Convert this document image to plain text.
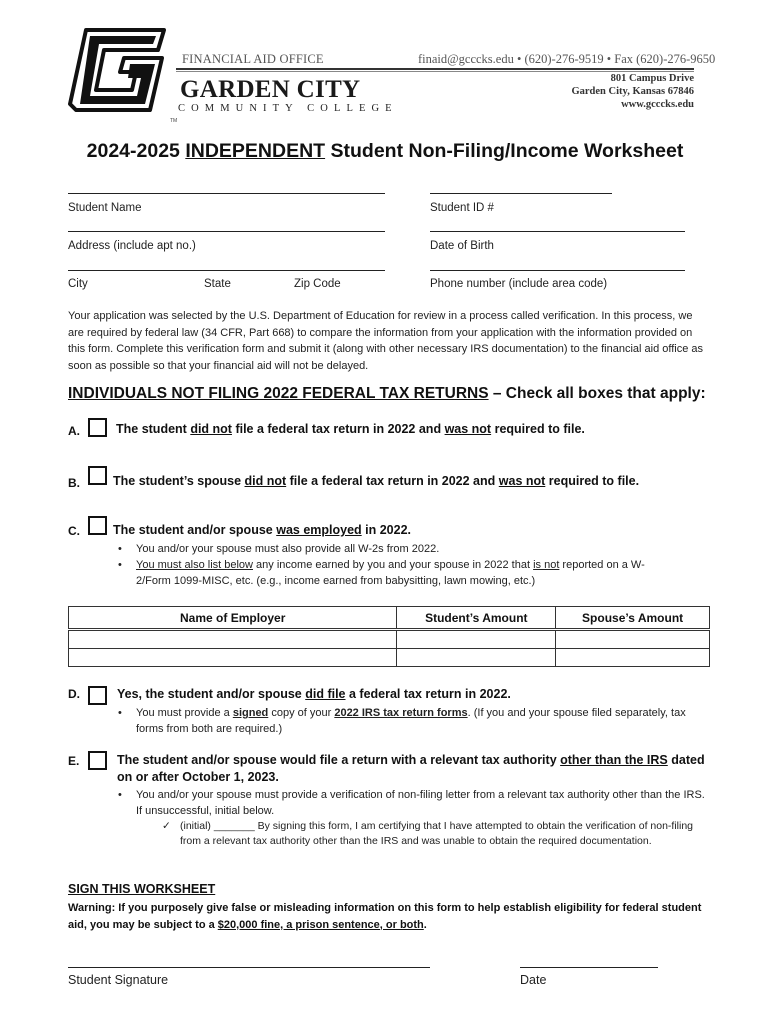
FINANCIAL AID OFFICE	finaid@gcccks.edu • (620)-276-9519 • Fax (620)-276-9650
GARDEN CITY
COMMUNITY COLLEGE
TM
801 Campus Drive
Garden City, Kansas 67846
www.gcccks.edu
2024-2025 INDEPENDENT Student Non-Filing/Income Worksheet
Student Name	Student ID #
Address (include apt no.)	Date of Birth
City	State	Zip Code	Phone number (include area code)
Your application was selected by the U.S. Department of Education for review in a process called verification. In this process, we are required by federal law (34 CFR, Part 668) to compare the information from your application with the information provided on this form. Complete this verification form and submit it (along with other necessary IRS documentation) to the financial aid office as soon as possible so that your financial aid will not be delayed.
INDIVIDUALS NOT FILING 2022 FEDERAL TAX RETURNS – Check all boxes that apply:
A.	The student did not file a federal tax return in 2022 and was not required to file.
B.	The student’s spouse did not file a federal tax return in 2022 and was not required to file.
C.	The student and/or spouse was employed in 2022.
• You and/or your spouse must also provide all W-2s from 2022.
• You must also list below any income earned by you and your spouse in 2022 that is not reported on a W-2/Form 1099-MISC, etc. (e.g., income earned from babysitting, lawn mowing, etc.)
Name of Employer	Student’s Amount	Spouse’s Amount

D.	Yes, the student and/or spouse did file a federal tax return in 2022.
• You must provide a signed copy of your 2022 IRS tax return forms. (If you and your spouse filed separately, tax forms from both are required.)
E.	The student and/or spouse would file a return with a relevant tax authority other than the IRS dated on or after October 1, 2023.
• You and/or your spouse must provide a verification of non-filing letter from a relevant tax authority other than the IRS. If unsuccessful, initial below.
✓ (initial) _______ By signing this form, I am certifying that I have attempted to obtain the verification of non-filing from a relevant tax authority other than the IRS and was unable to obtain the required documentation.
SIGN THIS WORKSHEET
Warning: If you purposely give false or misleading information on this form to help establish eligibility for federal student aid, you may be subject to a $20,000 fine, a prison sentence, or both.
Student Signature	Date
